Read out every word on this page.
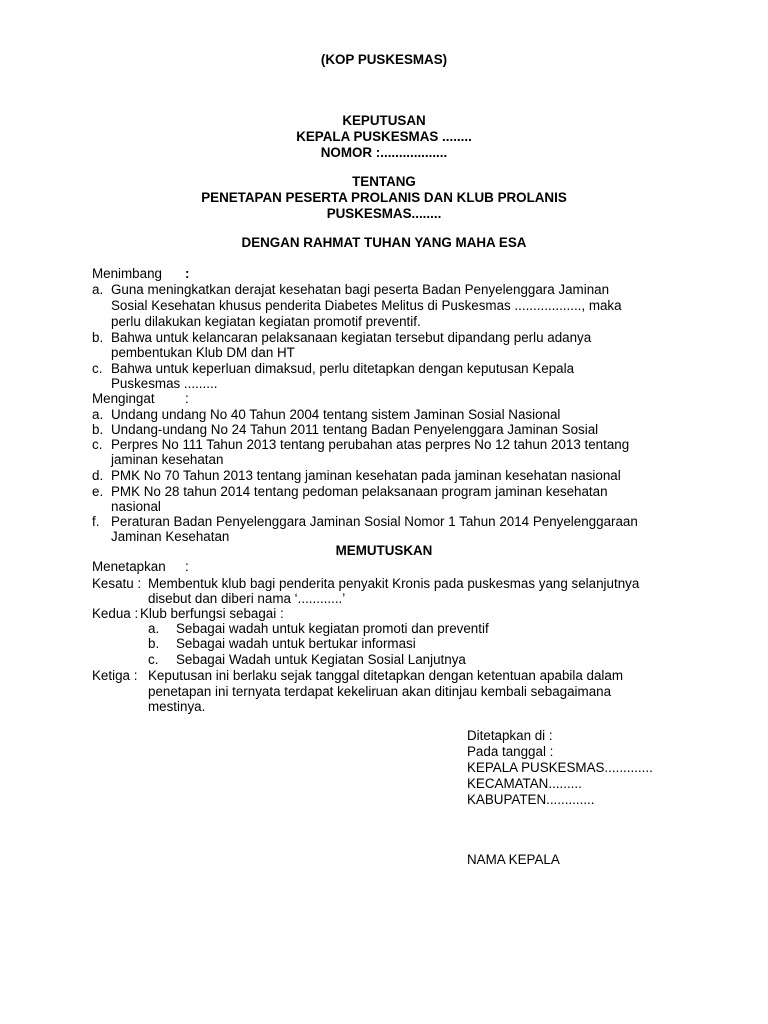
(KOP PUSKESMAS)
KEPUTUSAN
KEPALA PUSKESMAS ........
NOMOR :..................
TENTANG
PENETAPAN PESERTA PROLANIS DAN KLUB PROLANIS
PUSKESMAS........
DENGAN RAHMAT TUHAN YANG MAHA ESA
Menimbang :
a. Guna meningkatkan derajat kesehatan bagi peserta Badan Penyelenggara Jaminan
Sosial Kesehatan khusus penderita Diabetes Melitus di Puskesmas .................., maka
perlu dilakukan kegiatan kegiatan promotif preventif.
b. Bahwa untuk kelancaran pelaksanaan kegiatan tersebut dipandang perlu adanya
pembentukan Klub DM dan HT
c. Bahwa untuk keperluan dimaksud, perlu ditetapkan dengan keputusan Kepala
Puskesmas .........
Mengingat :
a. Undang undang No 40 Tahun 2004 tentang sistem Jaminan Sosial Nasional
b. Undang-undang No 24 Tahun 2011 tentang Badan Penyelenggara Jaminan Sosial
c. Perpres No 111 Tahun 2013 tentang perubahan atas perpres No 12 tahun 2013 tentang
jaminan kesehatan
d. PMK No 70 Tahun 2013 tentang jaminan kesehatan pada jaminan kesehatan nasional
e. PMK No 28 tahun 2014 tentang pedoman pelaksanaan program jaminan kesehatan
nasional
f. Peraturan Badan Penyelenggara Jaminan Sosial Nomor 1 Tahun 2014 Penyelenggaraan
Jaminan Kesehatan
MEMUTUSKAN
Menetapkan :
Kesatu : Membentuk klub bagi penderita penyakit Kronis pada puskesmas yang selanjutnya
disebut dan diberi nama ‘............’
Kedua : Klub berfungsi sebagai :
a. Sebagai wadah untuk kegiatan promoti dan preventif
b. Sebagai wadah untuk bertukar informasi
c. Sebagai Wadah untuk Kegiatan Sosial Lanjutnya
Ketiga : Keputusan ini berlaku sejak tanggal ditetapkan dengan ketentuan apabila dalam
penetapan ini ternyata terdapat kekeliruan akan ditinjau kembali sebagaimana
mestinya.
Ditetapkan di :
Pada tanggal :
KEPALA PUSKESMAS.............
KECAMATAN.........
KABUPATEN.............
NAMA KEPALA
